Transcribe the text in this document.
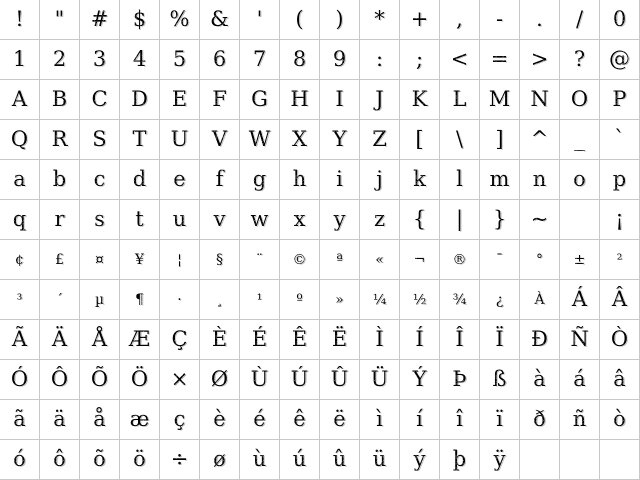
! " # $ % & ' ( ) * + , - . / 0
1 2 3 4 5 6 7 8 9 : ; < = > ? @
A B C D E F G H I J K L M N O P
Q R S T U V W X Y Z [ \ ] ^ _ `
a b c d e f g h i j k l m n o p
q r s t u v w x y z { | } ~	¡
¢ £ ¤ ¥ ¦ § ¨ © ª « ¬ ® ¯ ° ± ²
³ ´ µ ¶ · ¸ ¹ º » ¼ ½ ¾ ¿ À Á Â
Ã Ä Å Æ Ç È É Ê Ë Ì Í Î Ï Ð Ñ Ò
Ó Ô Õ Ö × Ø Ù Ú Û Ü Ý Þ ß à á â
ã ä å æ ç è é ê ë ì í î ï ð ñ ò
ó ô õ ö ÷ ø ù ú û ü ý þ ÿ
